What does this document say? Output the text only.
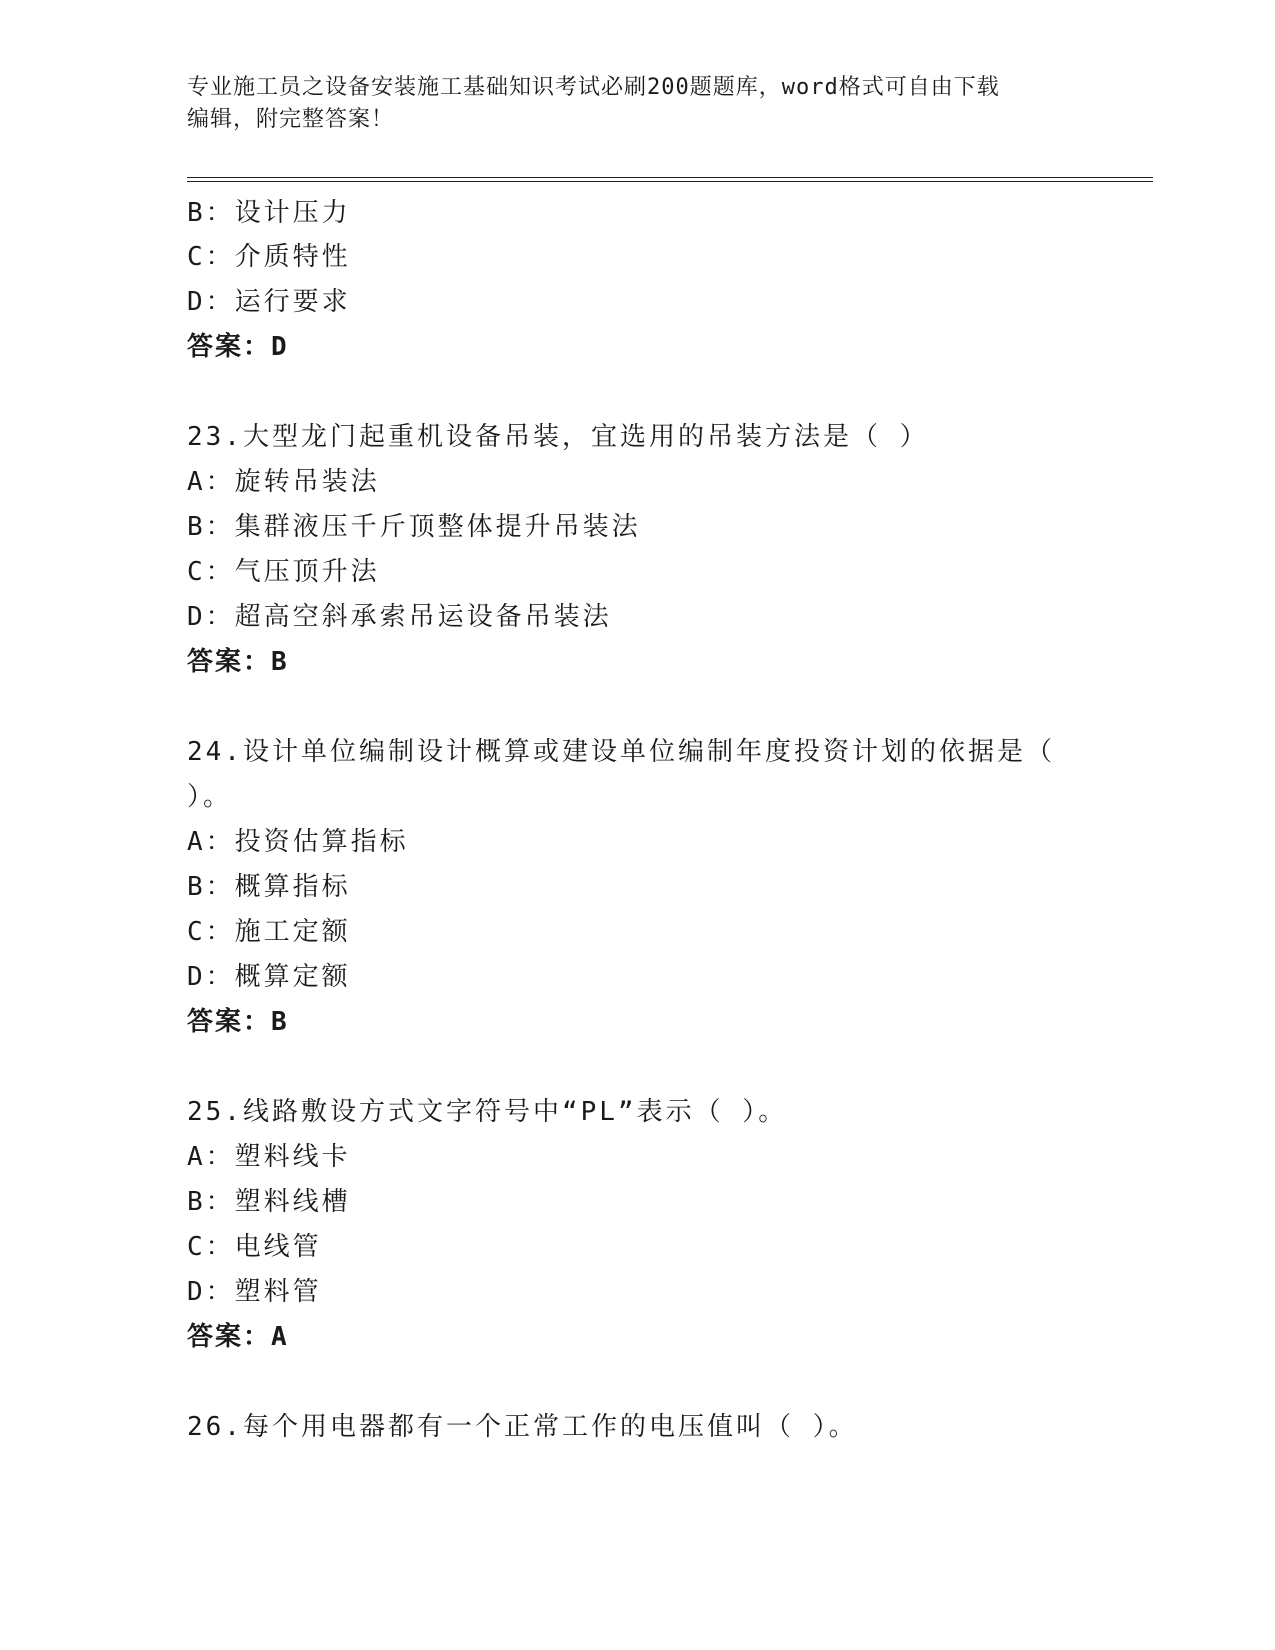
专业施工员之设备安装施工基础知识考试必刷200题题库，word格式可自由下载
编辑，附完整答案！
B：设计压力
C：介质特性
D：运行要求
答案：D
23.大型龙门起重机设备吊装，宜选用的吊装方法是（ ）
A：旋转吊装法
B：集群液压千斤顶整体提升吊装法
C：气压顶升法
D：超高空斜承索吊运设备吊装法
答案：B
24.设计单位编制设计概算或建设单位编制年度投资计划的依据是（
）。
A：投资估算指标
B：概算指标
C：施工定额
D：概算定额
答案：B
25.线路敷设方式文字符号中“PL”表示（ ）。
A：塑料线卡
B：塑料线槽
C：电线管
D：塑料管
答案：A
26.每个用电器都有一个正常工作的电压值叫（ ）。
